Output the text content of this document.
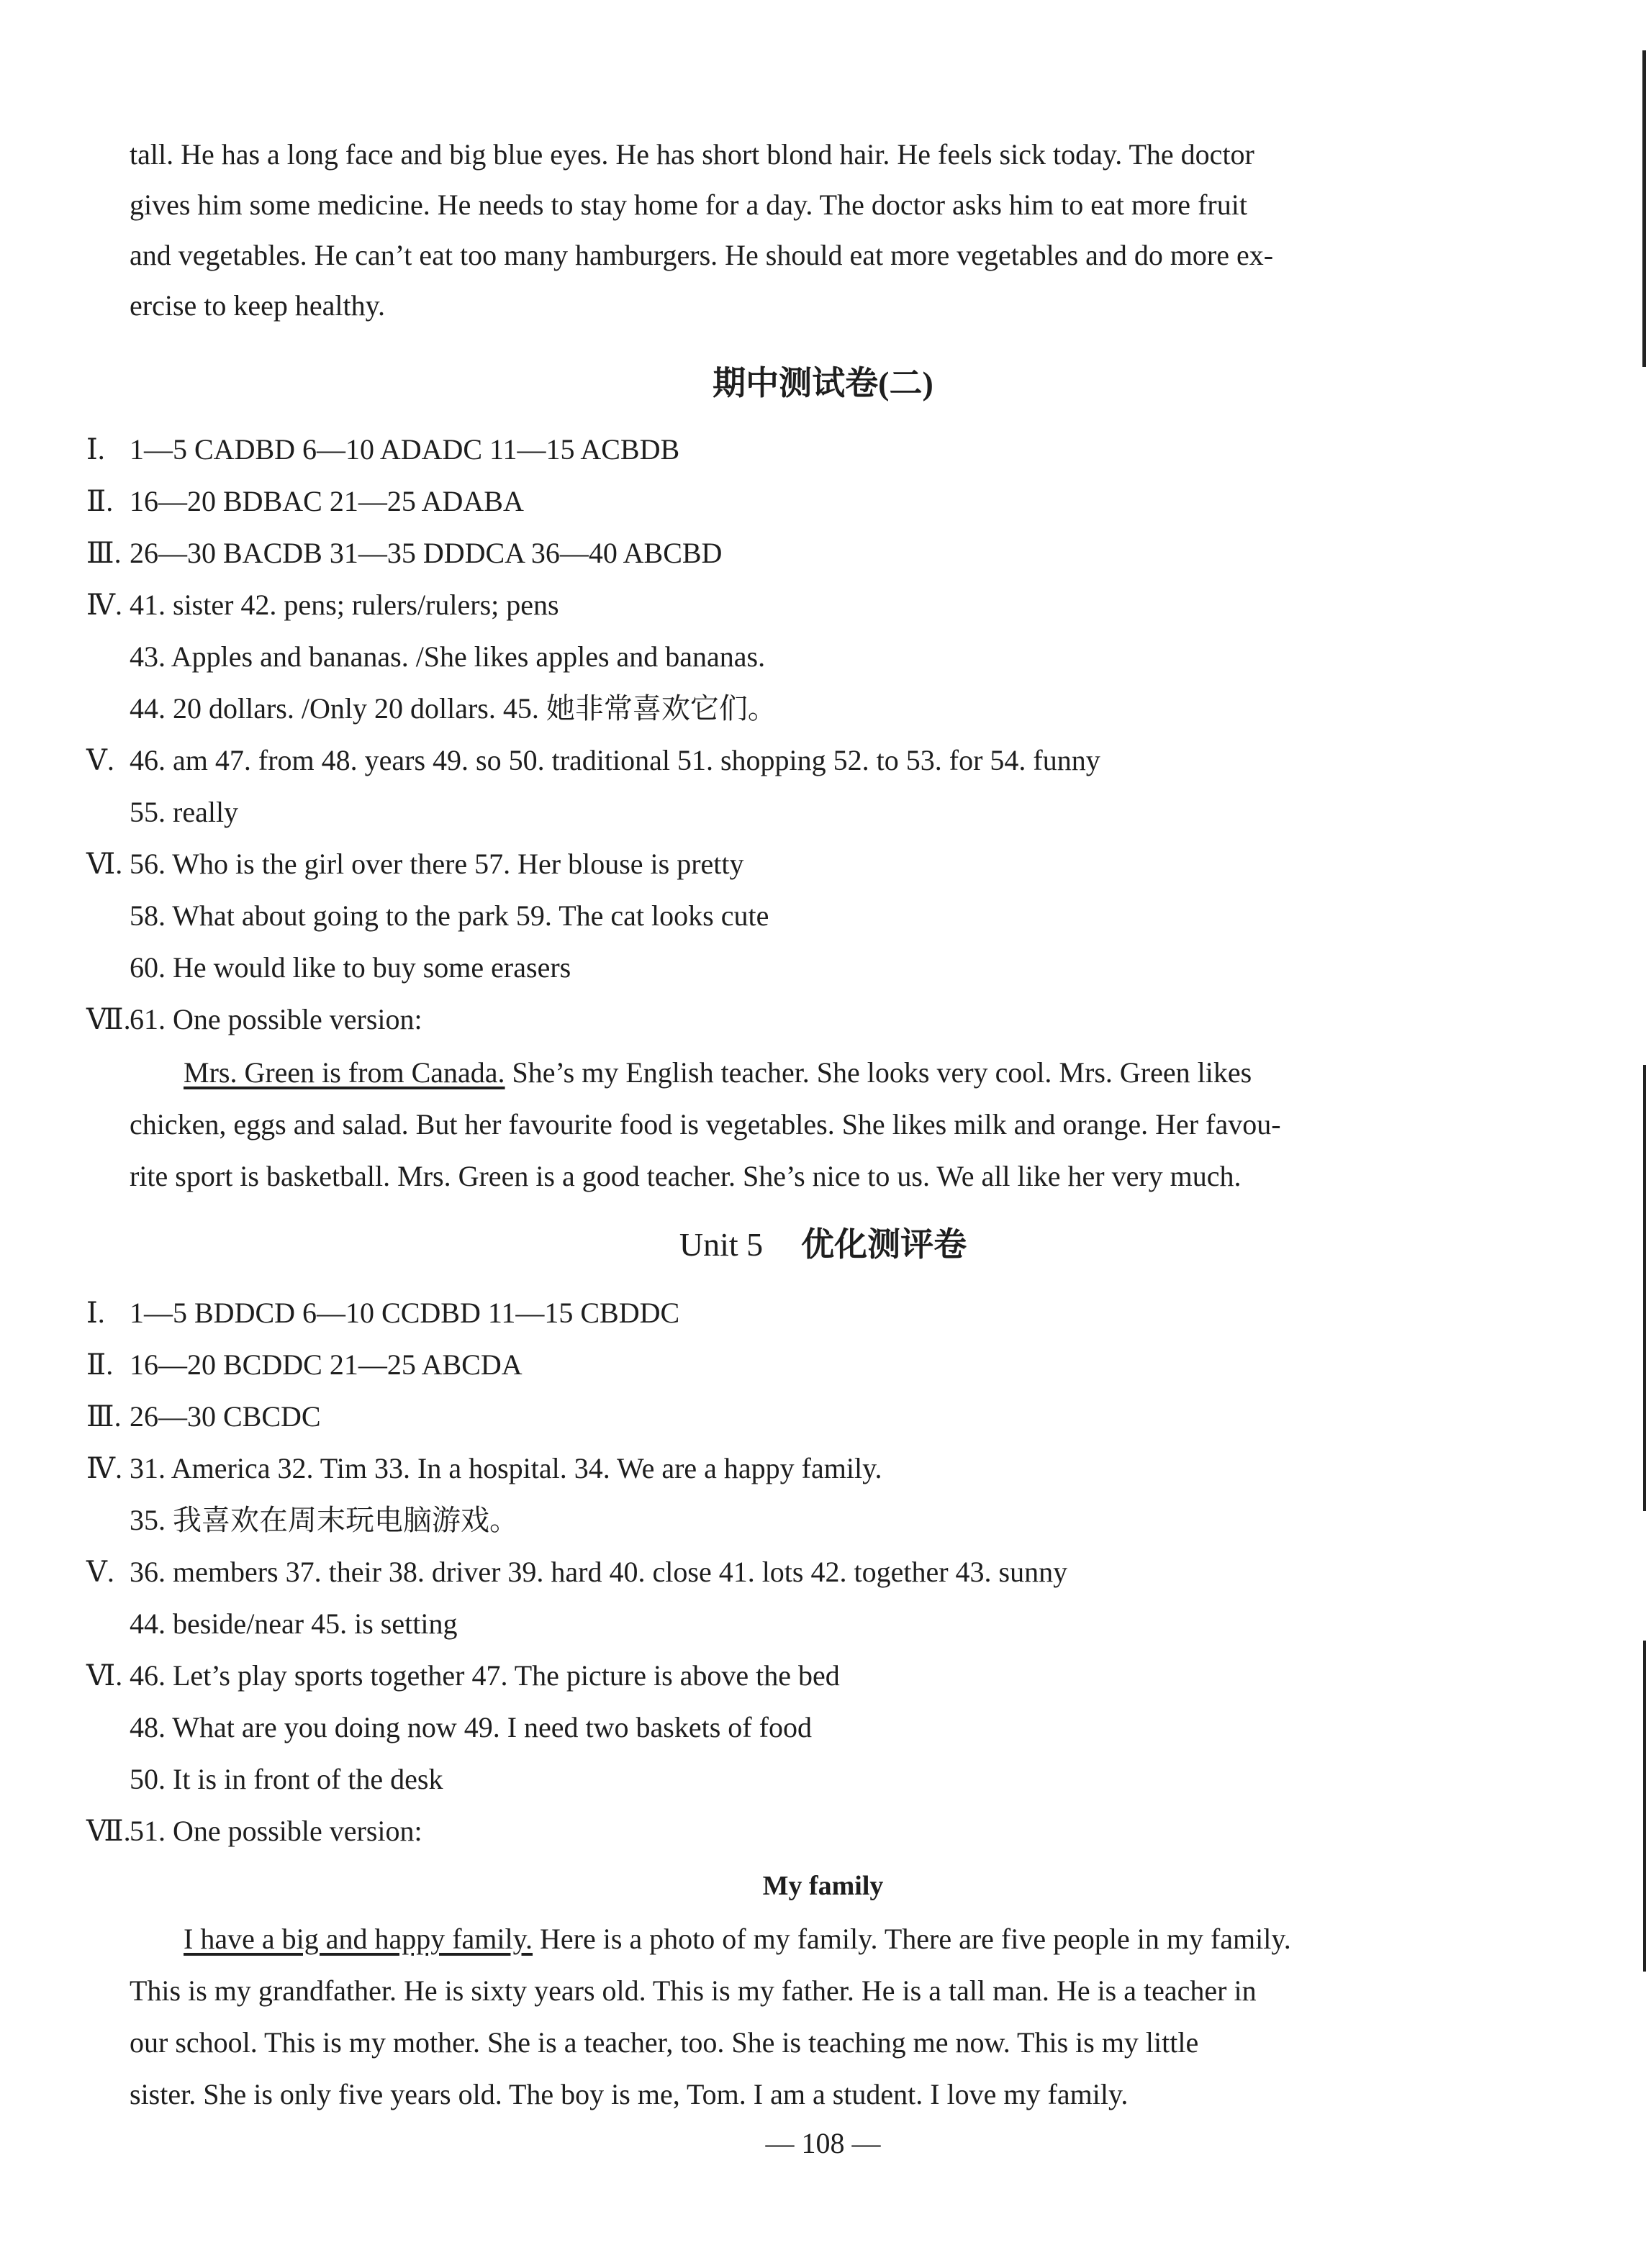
tall. He has a long face and big blue eyes. He has short blond hair. He feels sick today. The doctor
gives him some medicine. He needs to stay home for a day. The doctor asks him to eat more fruit
and vegetables. He can’t eat too many hamburgers. He should eat more vegetables and do more ex-
ercise to keep healthy.
期中测试卷(二)
Ⅰ. 1—5 CADBD 6—10 ADADC 11—15 ACBDB
Ⅱ. 16—20 BDBAC 21—25 ADABA
Ⅲ. 26—30 BACDB 31—35 DDDCA 36—40 ABCBD
Ⅳ. 41. sister 42. pens; rulers/rulers; pens
43. Apples and bananas. /She likes apples and bananas.
44. 20 dollars. /Only 20 dollars. 45. 她非常喜欢它们。
Ⅴ. 46. am 47. from 48. years 49. so 50. traditional 51. shopping 52. to 53. for 54. funny
55. really
Ⅵ. 56. Who is the girl over there 57. Her blouse is pretty
58. What about going to the park 59. The cat looks cute
60. He would like to buy some erasers
Ⅶ.
61. One possible version:
Mrs. Green is from Canada. She’s my English teacher. She looks very cool. Mrs. Green likes
chicken, eggs and salad. But her favourite food is vegetables. She likes milk and orange. Her favou-
rite sport is basketball. Mrs. Green is a good teacher. She’s nice to us. We all like her very much.
Unit 5 优化测评卷
Ⅰ. 1—5 BDDCD 6—10 CCDBD 11—15 CBDDC
Ⅱ. 16—20 BCDDC 21—25 ABCDA
Ⅲ. 26—30 CBCDC
Ⅳ. 31. America 32. Tim 33. In a hospital. 34. We are a happy family.
35. 我喜欢在周末玩电脑游戏。
Ⅴ. 36. members 37. their 38. driver 39. hard 40. close 41. lots 42. together 43. sunny
44. beside/near 45. is setting
Ⅵ. 46. Let’s play sports together 47. The picture is above the bed
48. What are you doing now 49. I need two baskets of food
50. It is in front of the desk
Ⅶ.
51. One possible version:
My family
I have a big and happy family. Here is a photo of my family. There are five people in my family.
This is my grandfather. He is sixty years old. This is my father. He is a tall man. He is a teacher in
our school. This is my mother. She is a teacher, too. She is teaching me now. This is my little
sister. She is only five years old. The boy is me, Tom. I am a student. I love my family.
— 108 —
